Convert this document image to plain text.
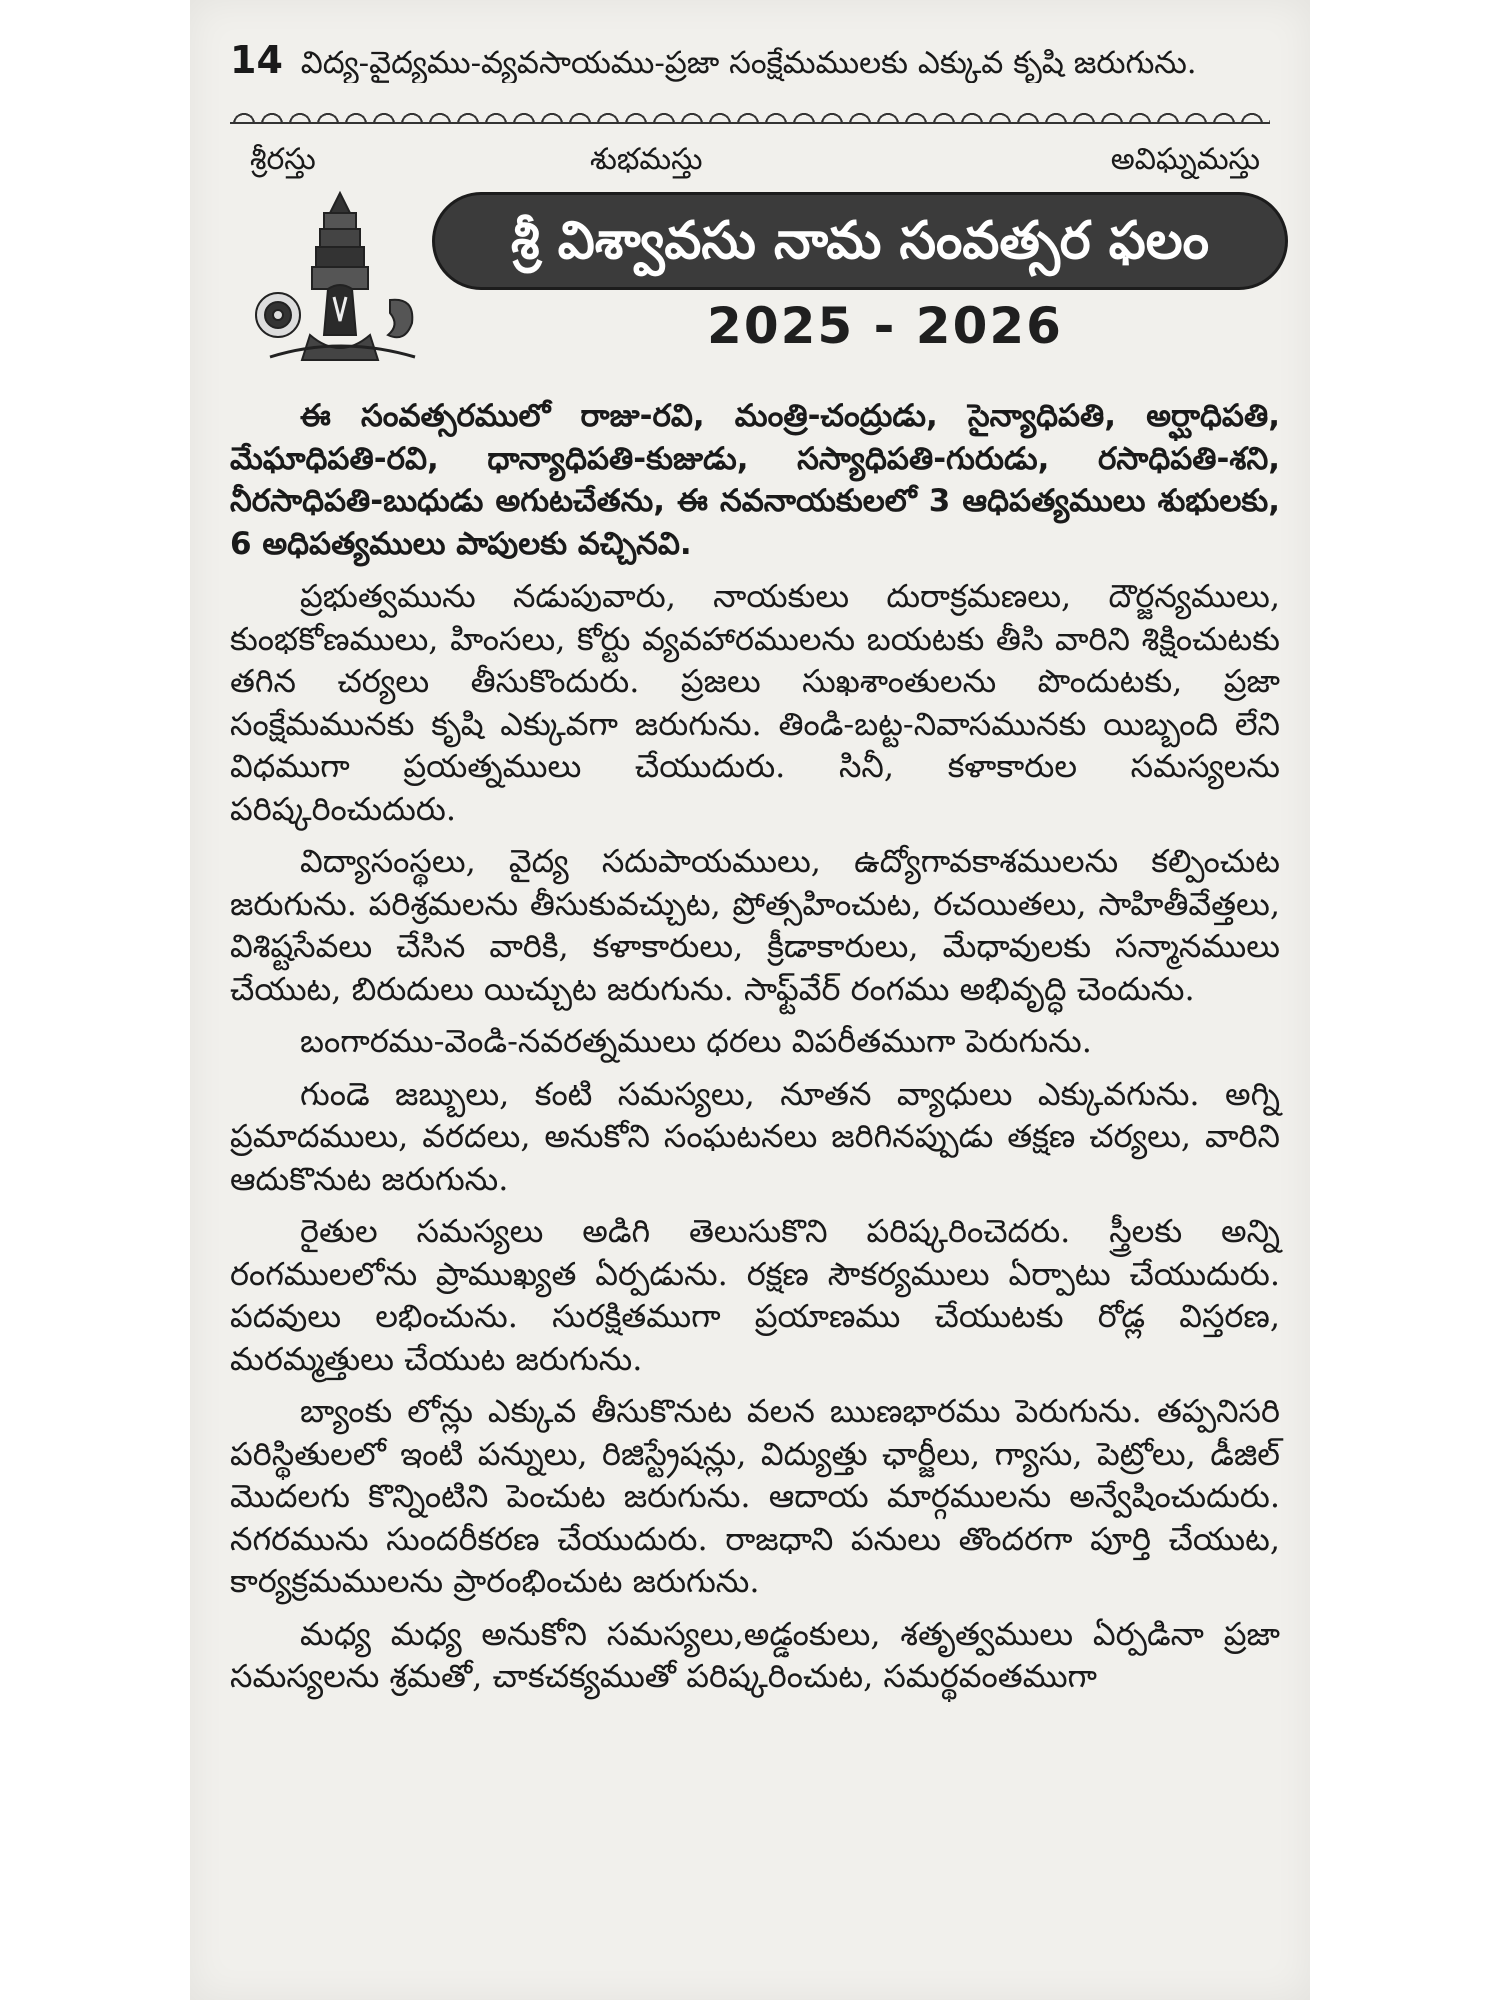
14 విద్య-వైద్యము-వ్యవసాయము-ప్రజా సంక్షేమములకు ఎక్కువ కృషి జరుగును.
శ్రీరస్తు	శుభమస్తు	అవిఘ్నమస్తు
శ్రీ విశ్వావసు నామ సంవత్సర ఫలం
2025 - 2026

ఈ సంవత్సరములో రాజు-రవి, మంత్రి-చంద్రుడు, సైన్యాధిపతి, అర్ఘాధిపతి, మేఘాధిపతి-రవి, ధాన్యాధిపతి-కుజుడు, సస్యాధిపతి-గురుడు, రసాధిపతి-శని, నీరసాధిపతి-బుధుడు అగుటచేతను, ఈ నవనాయకులలో 3 ఆధిపత్యములు శుభులకు, 6 అధిపత్యములు పాపులకు వచ్చినవి.

ప్రభుత్వమును నడుపువారు, నాయకులు దురాక్రమణలు, దౌర్జన్యములు, కుంభకోణములు, హింసలు, కోర్టు వ్యవహారములను బయటకు తీసి వారిని శిక్షించుటకు తగిన చర్యలు తీసుకొందురు. ప్రజలు సుఖశాంతులను పొందుటకు, ప్రజా సంక్షేమమునకు కృషి ఎక్కువగా జరుగును. తిండి-బట్ట-నివాసమునకు యిబ్బంది లేని విధముగా ప్రయత్నములు చేయుదురు. సినీ, కళాకారుల సమస్యలను పరిష్కరించుదురు.

విద్యాసంస్థలు, వైద్య సదుపాయములు, ఉద్యోగావకాశములను కల్పించుట జరుగును. పరిశ్రమలను తీసుకువచ్చుట, ప్రోత్సహించుట, రచయితలు, సాహితీవేత్తలు, విశిష్టసేవలు చేసిన వారికి, కళాకారులు, క్రీడాకారులు, మేధావులకు సన్మానములు చేయుట, బిరుదులు యిచ్చుట జరుగును. సాఫ్ట్‌వేర్ రంగము అభివృద్ధి చెందును.

బంగారము-వెండి-నవరత్నములు ధరలు విపరీతముగా పెరుగును.

గుండె జబ్బులు, కంటి సమస్యలు, నూతన వ్యాధులు ఎక్కువగును. అగ్ని ప్రమాదములు, వరదలు, అనుకోని సంఘటనలు జరిగినప్పుడు తక్షణ చర్యలు, వారిని ఆదుకొనుట జరుగును.

రైతుల సమస్యలు అడిగి తెలుసుకొని పరిష్కరించెదరు. స్త్రీలకు అన్ని రంగములలోను ప్రాముఖ్యత ఏర్పడును. రక్షణ సౌకర్యములు ఏర్పాటు చేయుదురు. పదవులు లభించును. సురక్షితముగా ప్రయాణము చేయుటకు రోడ్ల విస్తరణ, మరమ్మత్తులు చేయుట జరుగును.

బ్యాంకు లోన్లు ఎక్కువ తీసుకొనుట వలన ఋణభారము పెరుగును. తప్పనిసరి పరిస్థితులలో ఇంటి పన్నులు, రిజిస్ట్రేషన్లు, విద్యుత్తు ఛార్జీలు, గ్యాసు, పెట్రోలు, డీజిల్ మొదలగు కొన్నింటిని పెంచుట జరుగును. ఆదాయ మార్గములను అన్వేషించుదురు. నగరమును సుందరీకరణ చేయుదురు. రాజధాని పనులు తొందరగా పూర్తి చేయుట, కార్యక్రమములను ప్రారంభించుట జరుగును.

మధ్య మధ్య అనుకోని సమస్యలు,అడ్డంకులు, శతృత్వములు ఏర్పడినా ప్రజా సమస్యలను శ్రమతో, చాకచక్యముతో పరిష్కరించుట, సమర్థవంతముగా
